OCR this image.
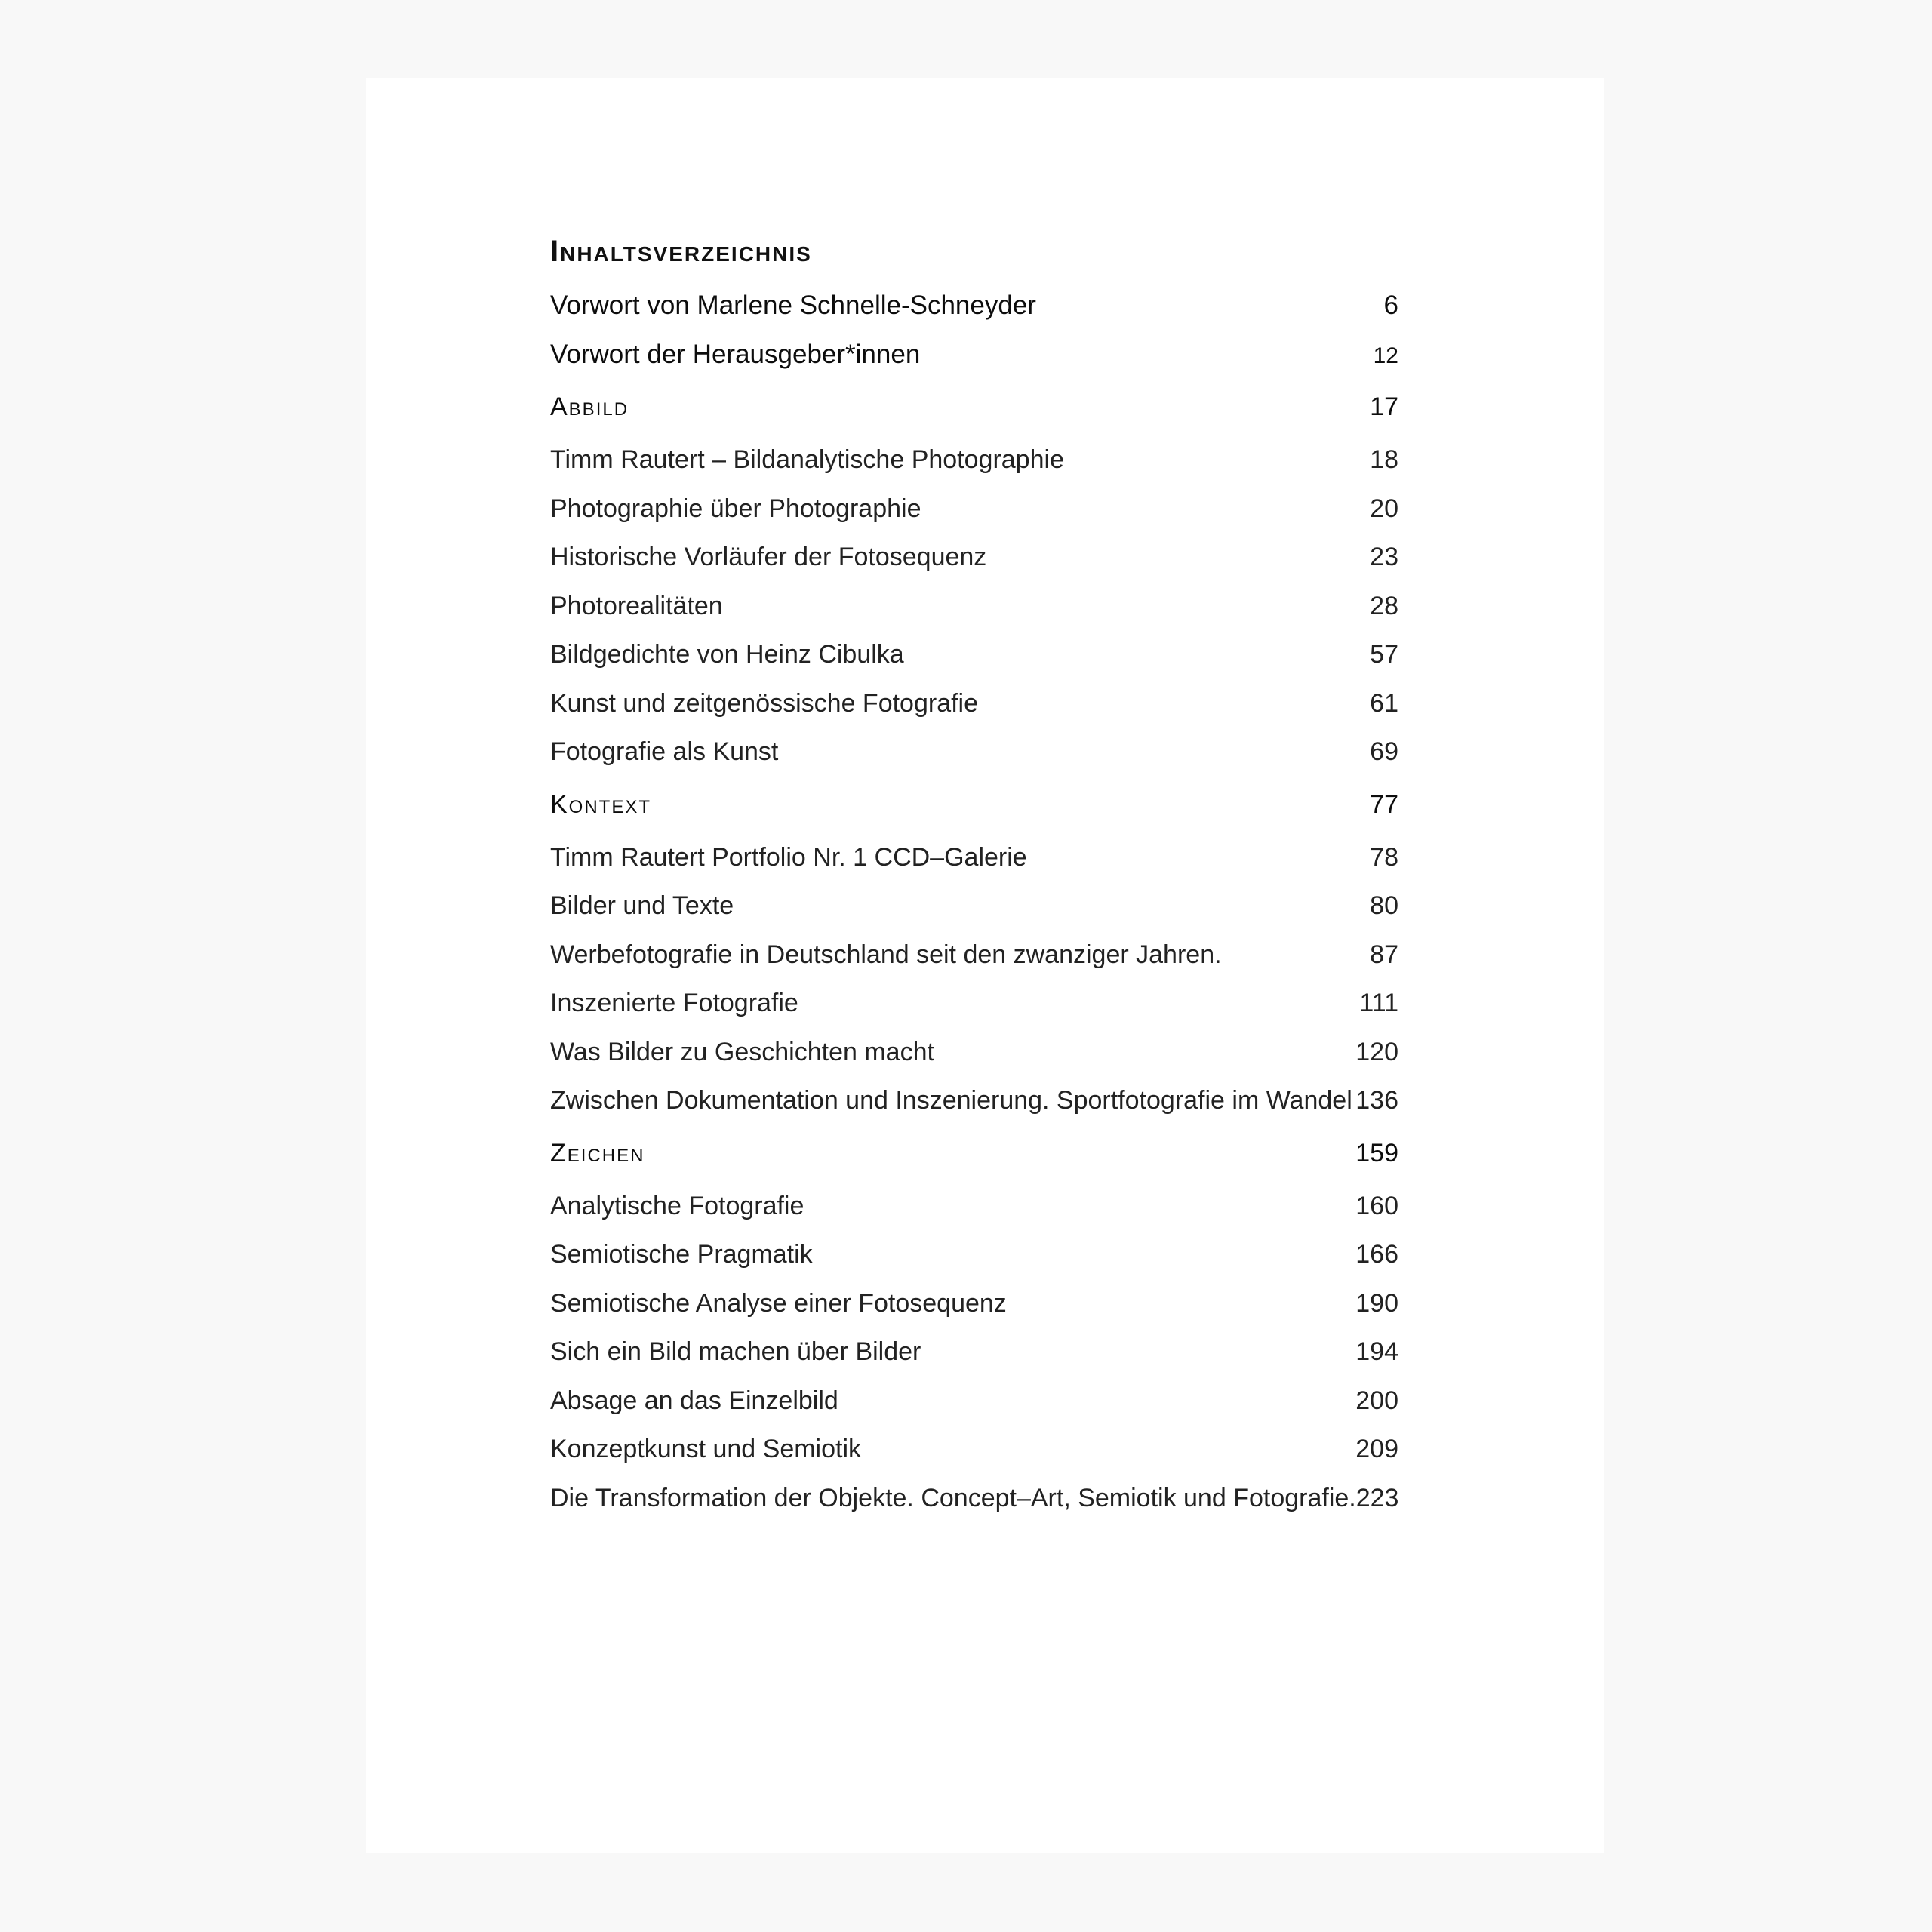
Inhaltsverzeichnis
Vorwort von Marlene Schnelle-Schneyder	6
Vorwort der Herausgeber*innen	12
Abbild	17
Timm Rautert – Bildanalytische Photographie	18
Photographie über Photographie	20
Historische Vorläufer der Fotosequenz	23
Photorealitäten	28
Bildgedichte von Heinz Cibulka	57
Kunst und zeitgenössische Fotografie	61
Fotografie als Kunst	69
Kontext	77
Timm Rautert Portfolio Nr. 1 CCD–Galerie	78
Bilder und Texte	80
Werbefotografie in Deutschland seit den zwanziger Jahren.	87
Inszenierte Fotografie	111
Was Bilder zu Geschichten macht	120
Zwischen Dokumentation und Inszenierung. Sportfotografie im Wandel 136
Zeichen	159
Analytische Fotografie	160
Semiotische Pragmatik	166
Semiotische Analyse einer Fotosequenz	190
Sich ein Bild machen über Bilder	194
Absage an das Einzelbild	200
Konzeptkunst und Semiotik	209
Die Transformation der Objekte. Concept–Art, Semiotik und Fotografie. 223
